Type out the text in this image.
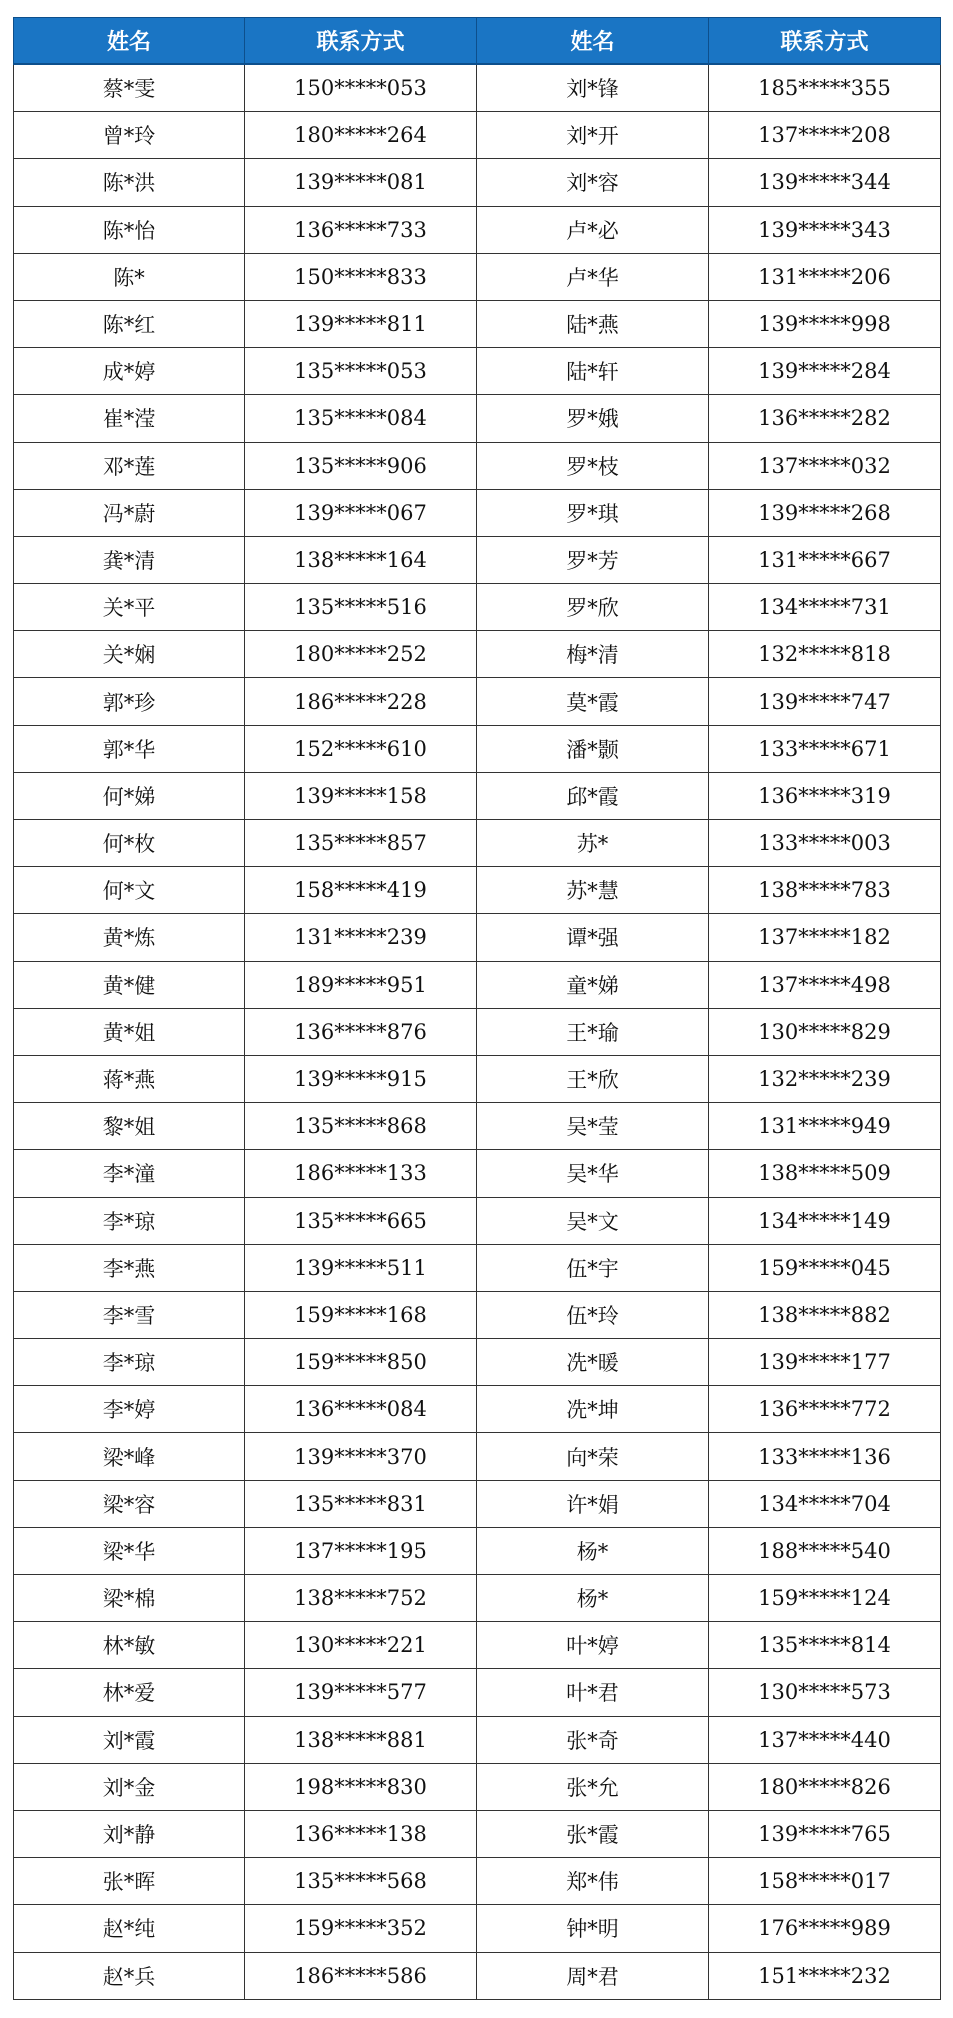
姓名	联系方式	姓名	联系方式
蔡*雯	150*****053	刘*锋	185*****355
曾*玲	180*****264	刘*开	137*****208
陈*洪	139*****081	刘*容	139*****344
陈*怡	136*****733	卢*必	139*****343
陈*	150*****833	卢*华	131*****206
陈*红	139*****811	陆*燕	139*****998
成*婷	135*****053	陆*轩	139*****284
崔*滢	135*****084	罗*娥	136*****282
邓*莲	135*****906	罗*枝	137*****032
冯*蔚	139*****067	罗*琪	139*****268
龚*清	138*****164	罗*芳	131*****667
关*平	135*****516	罗*欣	134*****731
关*娴	180*****252	梅*清	132*****818
郭*珍	186*****228	莫*霞	139*****747
郭*华	152*****610	潘*颢	133*****671
何*娣	139*****158	邱*霞	136*****319
何*枚	135*****857	苏*	133*****003
何*文	158*****419	苏*慧	138*****783
黄*炼	131*****239	谭*强	137*****182
黄*健	189*****951	童*娣	137*****498
黄*姐	136*****876	王*瑜	130*****829
蒋*燕	139*****915	王*欣	132*****239
黎*姐	135*****868	吴*莹	131*****949
李*潼	186*****133	吴*华	138*****509
李*琼	135*****665	吴*文	134*****149
李*燕	139*****511	伍*宇	159*****045
李*雪	159*****168	伍*玲	138*****882
李*琼	159*****850	冼*暖	139*****177
李*婷	136*****084	冼*坤	136*****772
梁*峰	139*****370	向*荣	133*****136
梁*容	135*****831	许*娟	134*****704
梁*华	137*****195	杨*	188*****540
梁*棉	138*****752	杨*	159*****124
林*敏	130*****221	叶*婷	135*****814
林*爱	139*****577	叶*君	130*****573
刘*霞	138*****881	张*奇	137*****440
刘*金	198*****830	张*允	180*****826
刘*静	136*****138	张*霞	139*****765
张*晖	135*****568	郑*伟	158*****017
赵*纯	159*****352	钟*明	176*****989
赵*兵	186*****586	周*君	151*****232
